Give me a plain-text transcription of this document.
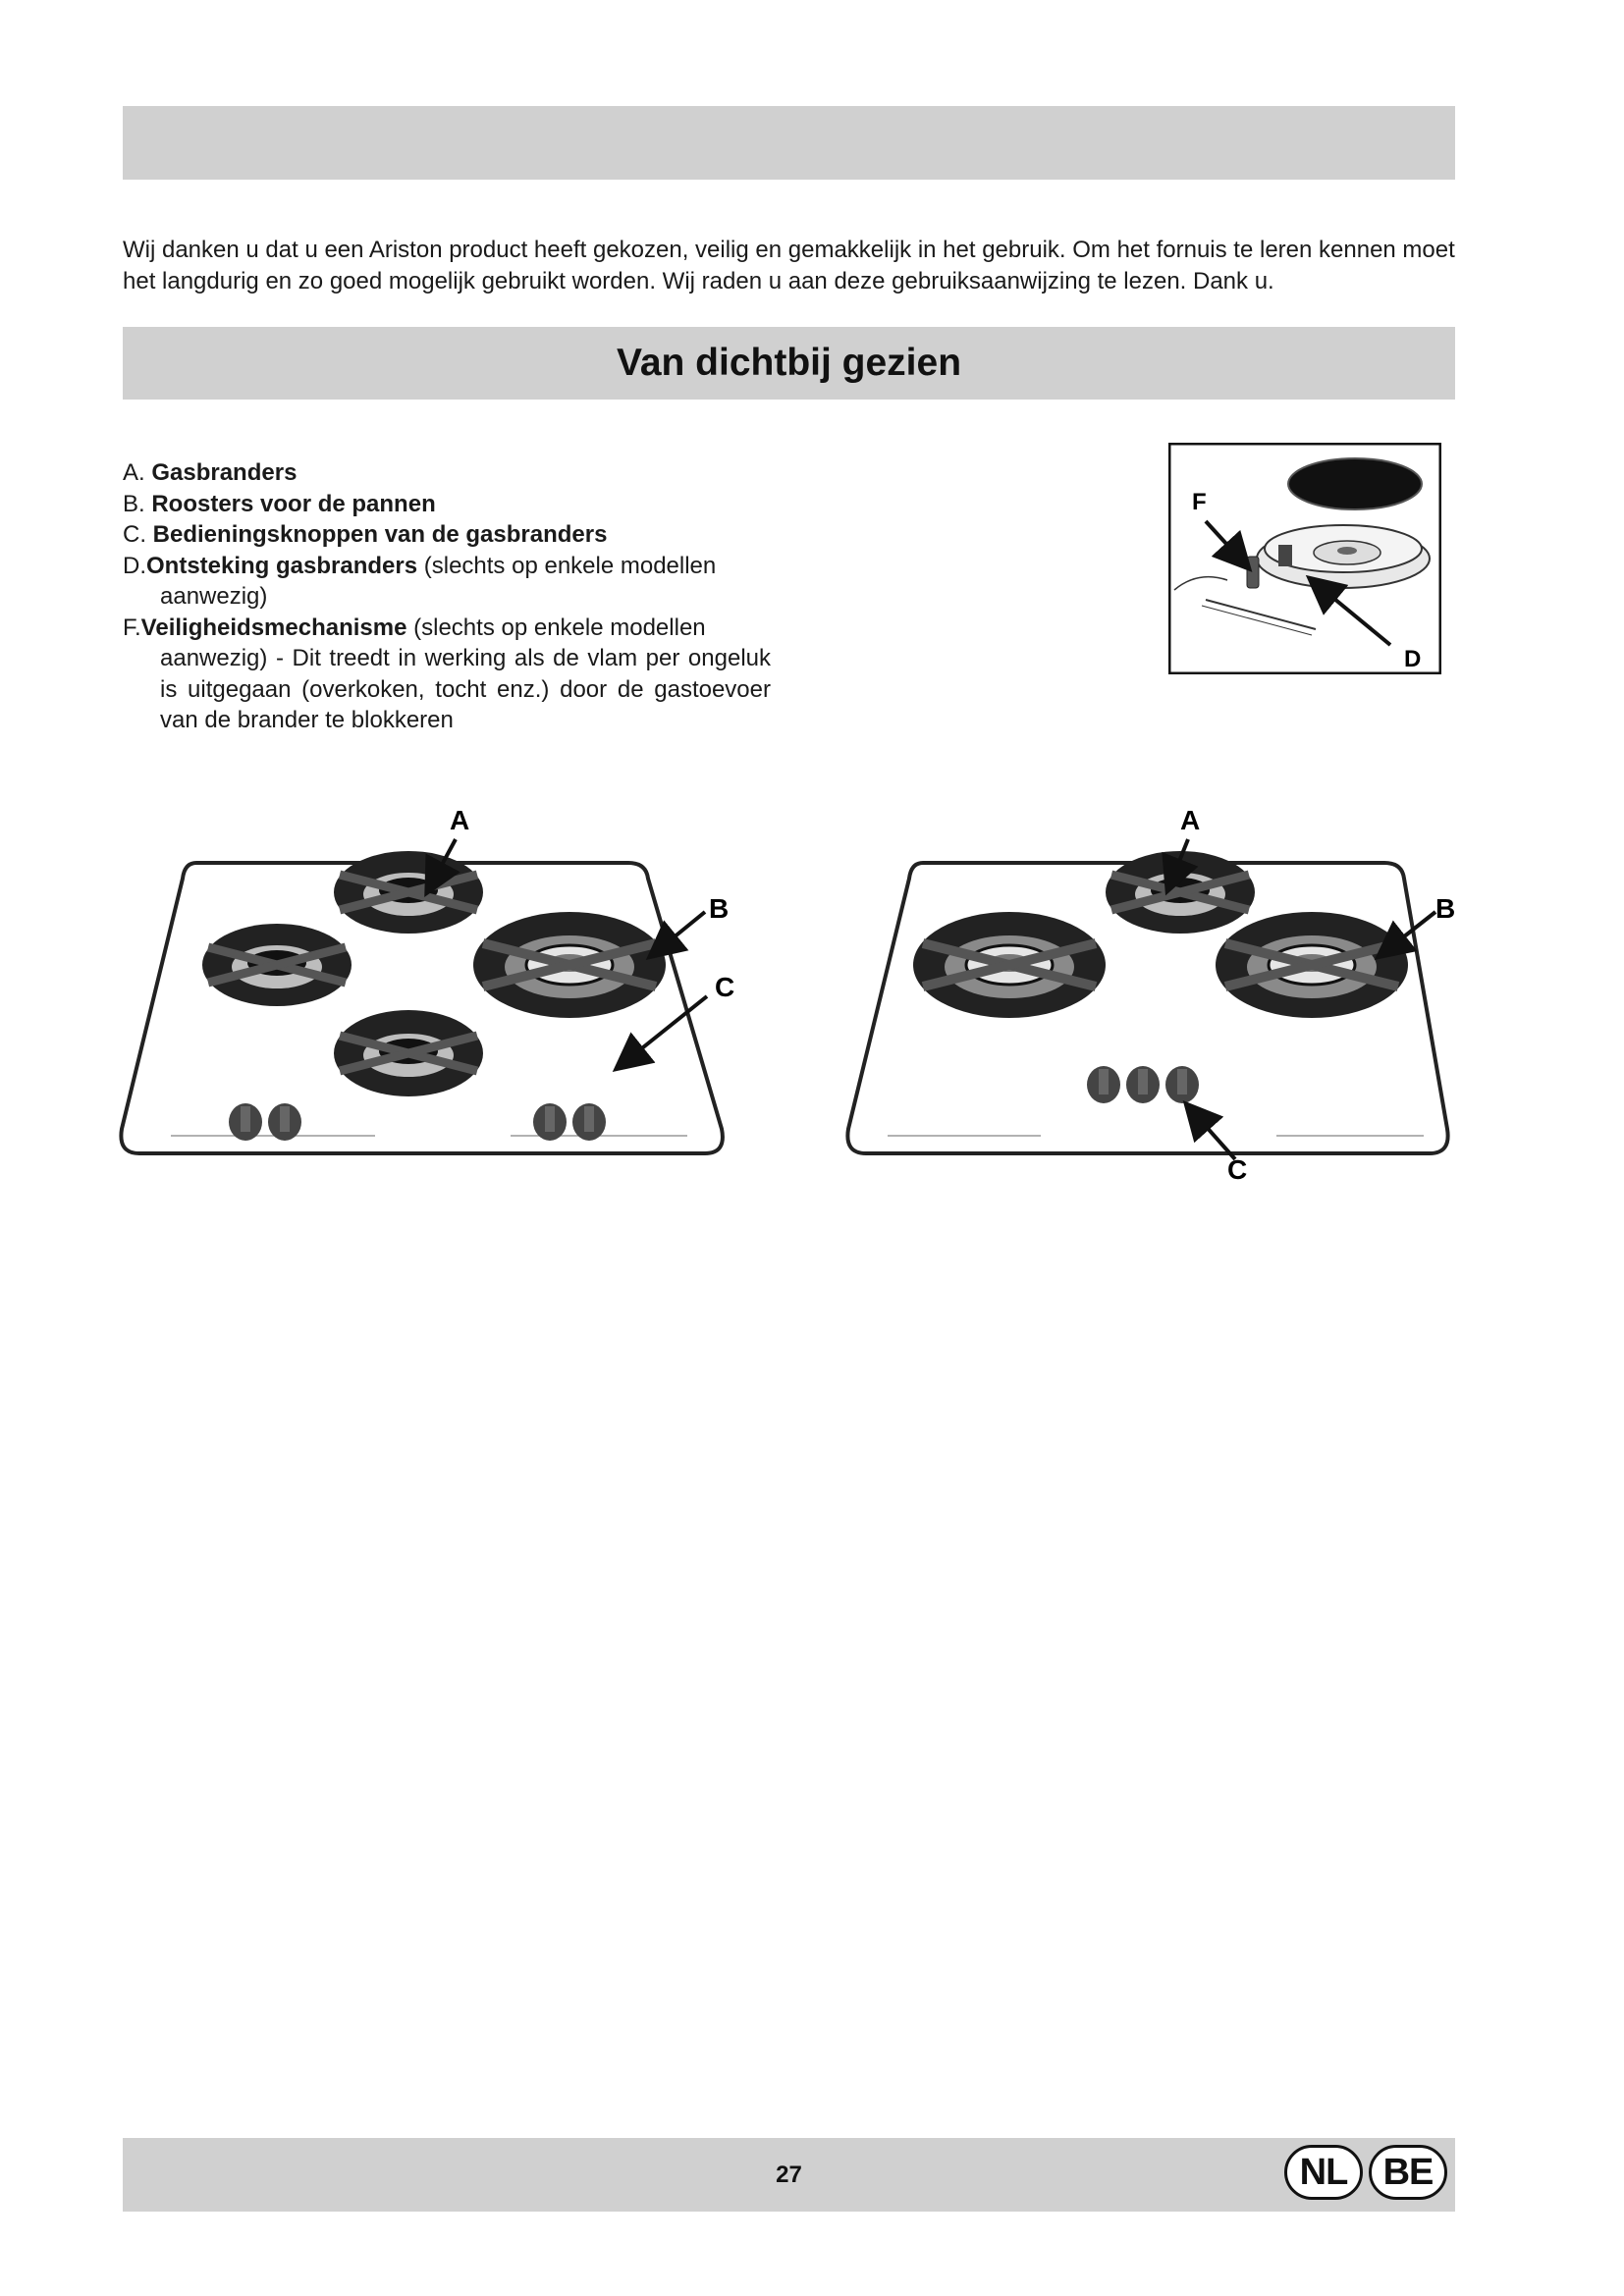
Wij danken u dat u een Ariston product heeft gekozen, veilig en gemakkelijk in het gebruik. Om het fornuis te leren kennen moet het langdurig en zo goed mogelijk gebruikt worden. Wij raden u aan deze gebruiksaanwijzing te lezen. Dank u.

Van dichtbij gezien

A. Gasbranders

B. Roosters voor de pannen

C. Bedieningsknoppen van de gasbranders

D.Ontsteking gasbranders (slechts op enkele modellen

aanwezig)

F.Veiligheidsmechanisme (slechts op enkele modellen

aanwezig) - Dit treedt in werking als de vlam per ongeluk is uitgegaan (overkoken, tocht enz.) door de gastoevoer van de brander te blokkeren

F
D
A
B
C
A
B
C
27	NL BE
